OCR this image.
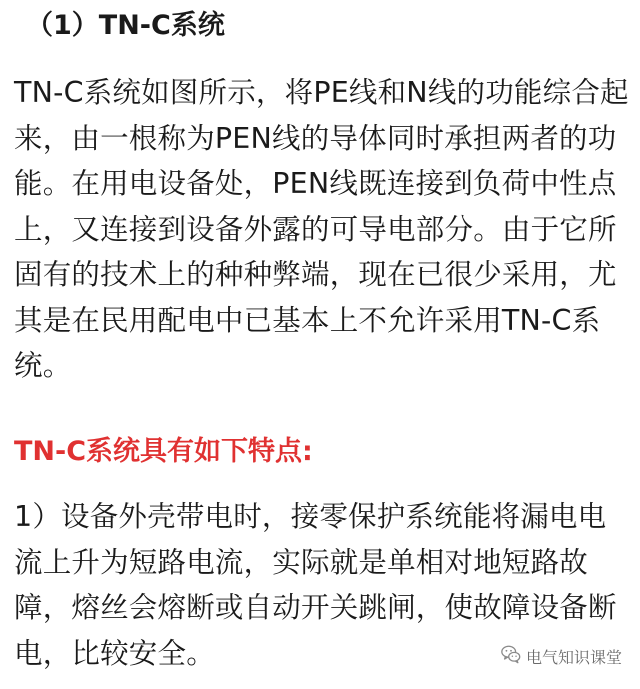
（1）TN-C系统

TN-C系统如图所示，将PE线和N线的功能综合起
来，由一根称为PEN线的导体同时承担两者的功
能。在用电设备处，PEN线既连接到负荷中性点
上，又连接到设备外露的可导电部分。由于它所
固有的技术上的种种弊端，现在已很少采用，尤
其是在民用配电中已基本上不允许采用TN-C系
统。

TN-C系统具有如下特点:

1）设备外壳带电时，接零保护系统能将漏电电
流上升为短路电流，实际就是单相对地短路故
障，熔丝会熔断或自动开关跳闸，使故障设备断
电，比较安全。	电气知识课堂
